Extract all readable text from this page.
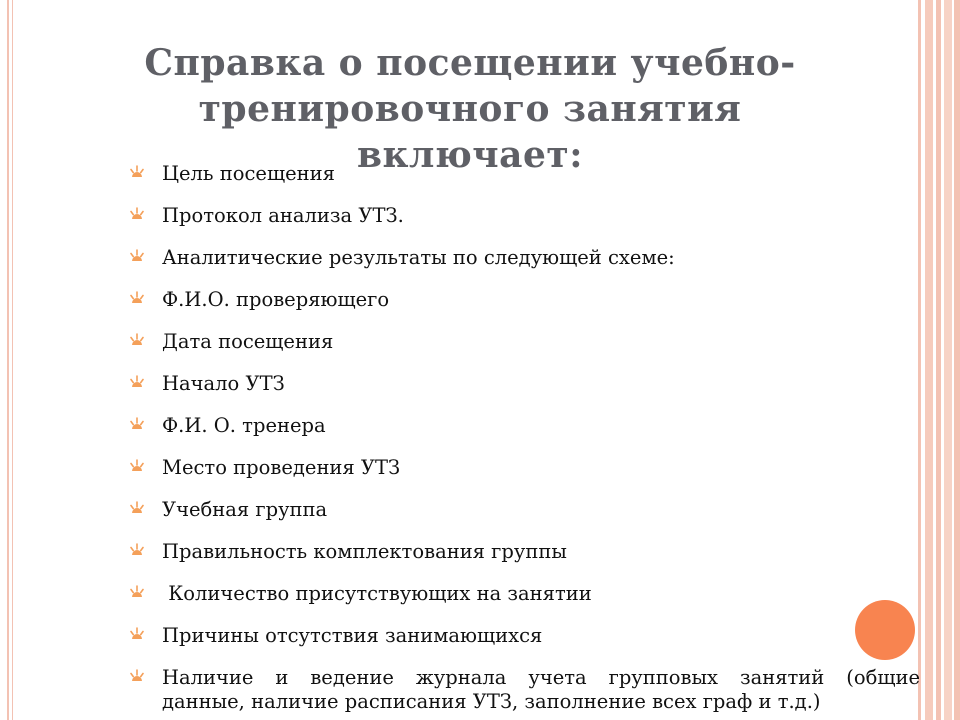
Справка о посещении учебно-
тренировочного занятия
включает:
Цель посещения
Протокол анализа УТЗ.
Аналитические результаты по следующей схеме:
Ф.И.О. проверяющего
Дата посещения
Начало УТЗ
Ф.И. О. тренера
Место проведения УТЗ
Учебная группа
Правильность комплектования группы
Количество присутствующих на занятии
Причины отсутствия занимающихся
Наличие и ведение журнала учета групповых занятий (общие
данные, наличие расписания УТЗ, заполнение всех граф и т.д.)
